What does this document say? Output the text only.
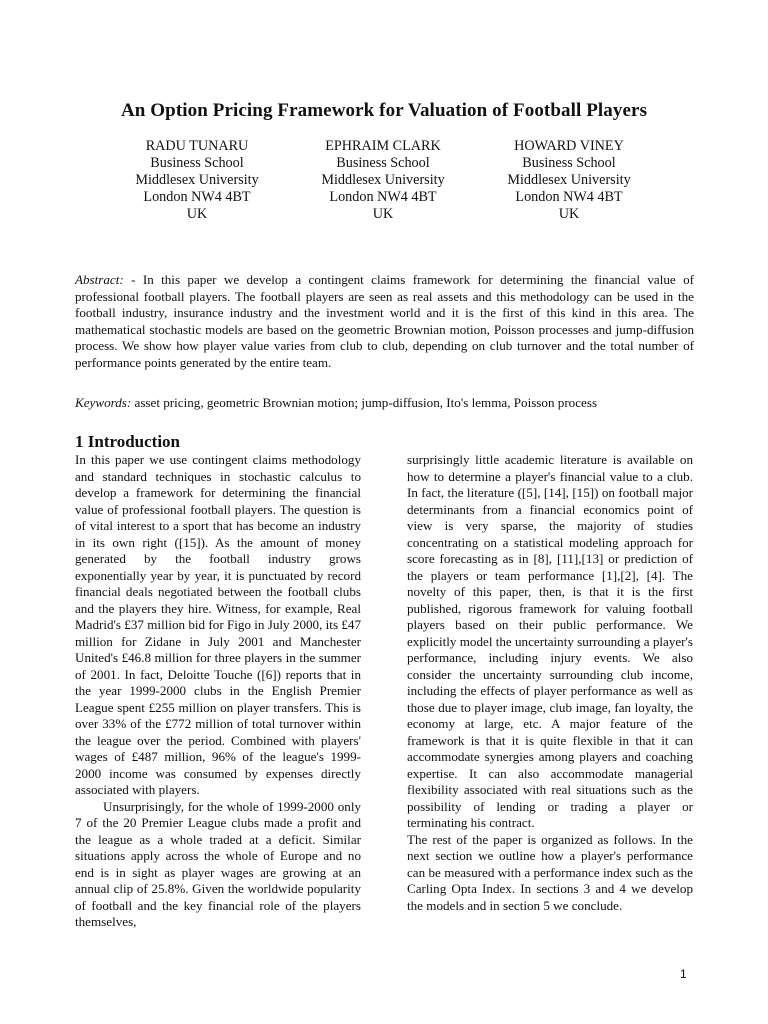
An Option Pricing Framework for Valuation of Football Players
RADU TUNARU
Business School
Middlesex University
London NW4 4BT
UK
EPHRAIM CLARK
Business School
Middlesex University
London NW4 4BT
UK
HOWARD VINEY
Business School
Middlesex University
London NW4 4BT
UK
Abstract: - In this paper we develop a contingent claims framework for determining the financial value of professional football players. The football players are seen as real assets and this methodology can be used in the football industry, insurance industry and the investment world and it is the first of this kind in this area. The mathematical stochastic models are based on the geometric Brownian motion, Poisson processes and jump-diffusion process. We show how player value varies from club to club, depending on club turnover and the total number of performance points generated by the entire team.
Keywords: asset pricing, geometric Brownian motion; jump-diffusion, Ito's lemma, Poisson process
1 Introduction

In this paper we use contingent claims methodology and standard techniques in stochastic calculus to develop a framework for determining the financial value of professional football players. The question is of vital interest to a sport that has become an industry in its own right ([15]). As the amount of money generated by the football industry grows exponentially year by year, it is punctuated by record financial deals negotiated between the football clubs and the players they hire. Witness, for example, Real Madrid's £37 million bid for Figo in July 2000, its £47 million for Zidane in July 2001 and Manchester United's £46.8 million for three players in the summer of 2001. In fact, Deloitte Touche ([6]) reports that in the year 1999-2000 clubs in the English Premier League spent £255 million on player transfers. This is over 33% of the £772 million of total turnover within the league over the period. Combined with players' wages of £487 million, 96% of the league's 1999-2000 income was consumed by expenses directly associated with players.

Unsurprisingly, for the whole of 1999-2000 only 7 of the 20 Premier League clubs made a profit and the league as a whole traded at a deficit. Similar situations apply across the whole of Europe and no end is in sight as player wages are growing at an annual clip of 25.8%. Given the worldwide popularity of football and the key financial role of the players themselves,

surprisingly little academic literature is available on how to determine a player's financial value to a club. In fact, the literature ([5], [14], [15]) on football major determinants from a financial economics point of view is very sparse, the majority of studies concentrating on a statistical modeling approach for score forecasting as in [8], [11],[13] or prediction of the players or team performance [1],[2], [4]. The novelty of this paper, then, is that it is the first published, rigorous framework for valuing football players based on their public performance. We explicitly model the uncertainty surrounding a player's performance, including injury events. We also consider the uncertainty surrounding club income, including the effects of player performance as well as those due to player image, club image, fan loyalty, the economy at large, etc. A major feature of the framework is that it is quite flexible in that it can accommodate synergies among players and coaching expertise. It can also accommodate managerial flexibility associated with real situations such as the possibility of lending or trading a player or terminating his contract.

The rest of the paper is organized as follows. In the next section we outline how a player's performance can be measured with a performance index such as the Carling Opta Index. In sections 3 and 4 we develop the models and in section 5 we conclude.

1
